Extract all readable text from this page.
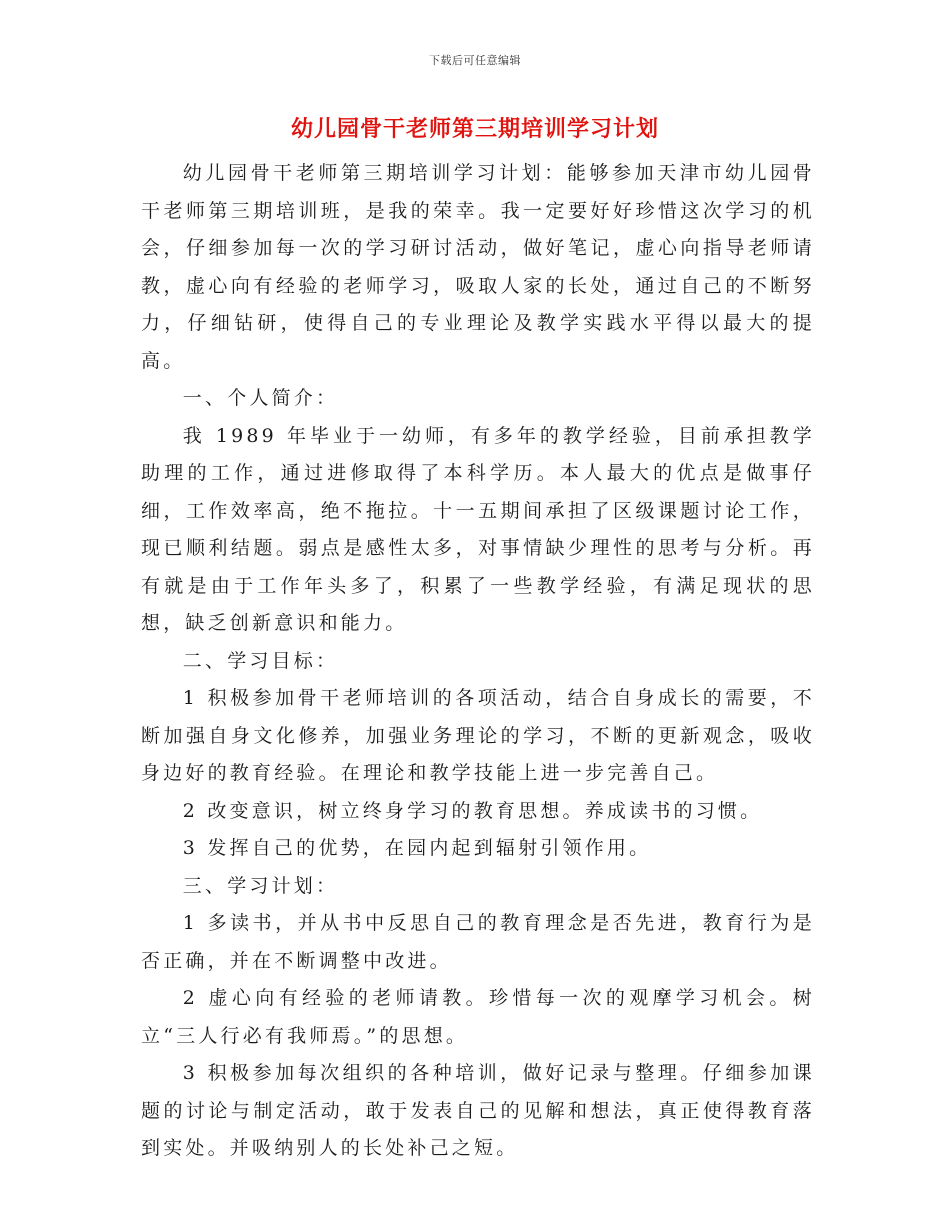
下载后可任意编辑
幼儿园骨干老师第三期培训学习计划

幼儿园骨干老师第三期培训学习计划：能够参加天津市幼儿园骨干老师第三期培训班，是我的荣幸。我一定要好好珍惜这次学习的机会，仔细参加每一次的学习研讨活动，做好笔记，虚心向指导老师请教，虚心向有经验的老师学习，吸取人家的长处，通过自己的不断努力，仔细钻研，使得自己的专业理论及教学实践水平得以最大的提高。

一、个人简介：

我 1989 年毕业于一幼师，有多年的教学经验，目前承担教学助理的工作，通过进修取得了本科学历。本人最大的优点是做事仔细，工作效率高，绝不拖拉。十一五期间承担了区级课题讨论工作，现已顺利结题。弱点是感性太多，对事情缺少理性的思考与分析。再有就是由于工作年头多了，积累了一些教学经验，有满足现状的思想，缺乏创新意识和能力。

二、学习目标：

1 积极参加骨干老师培训的各项活动，结合自身成长的需要，不断加强自身文化修养，加强业务理论的学习，不断的更新观念，吸收身边好的教育经验。在理论和教学技能上进一步完善自己。

2 改变意识，树立终身学习的教育思想。养成读书的习惯。

3 发挥自己的优势，在园内起到辐射引领作用。

三、学习计划：

1 多读书，并从书中反思自己的教育理念是否先进，教育行为是否正确，并在不断调整中改进。

2 虚心向有经验的老师请教。珍惜每一次的观摩学习机会。树立“三人行必有我师焉。”的思想。

3 积极参加每次组织的各种培训，做好记录与整理。仔细参加课题的讨论与制定活动，敢于发表自己的见解和想法，真正使得教育落到实处。并吸纳别人的长处补己之短。
